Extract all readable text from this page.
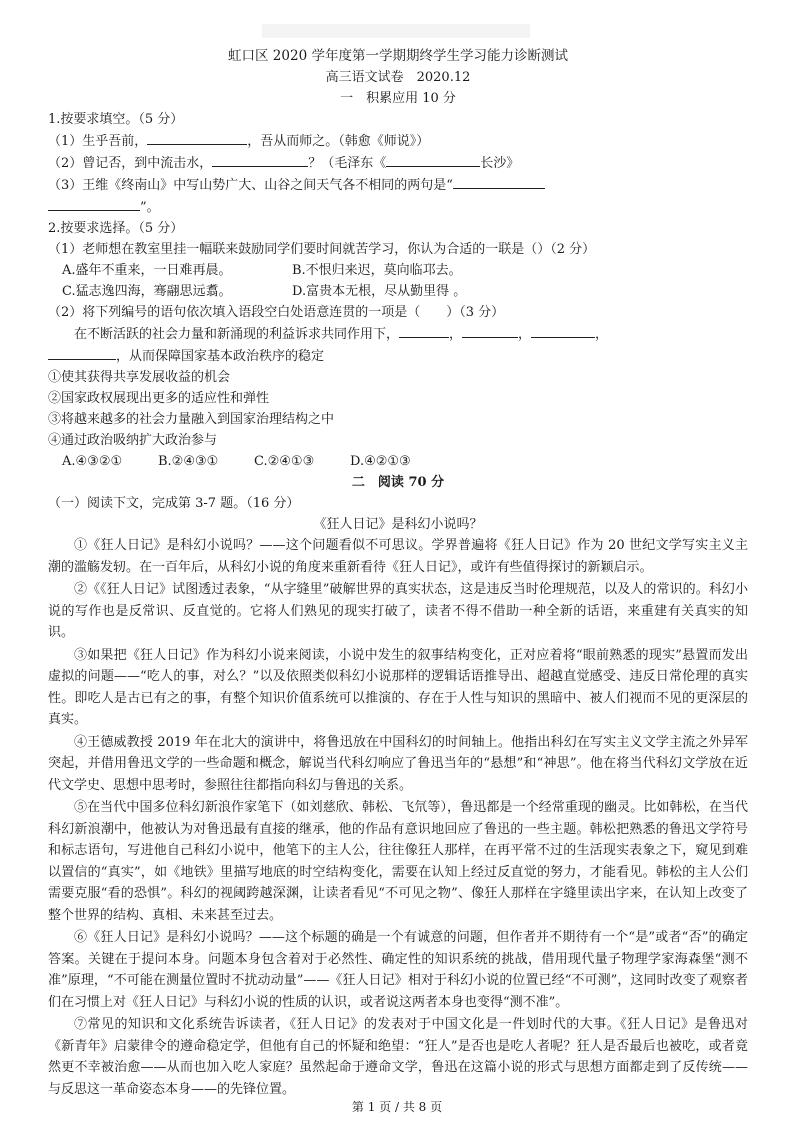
虹口区 2020 学年度第一学期期终学生学习能力诊断测试

高三语文试卷　2020.12

一　积累应用 10 分

1.按要求填空。（5 分）

（1）生乎吾前，	，吾从而师之。（韩愈《师说》）

（2）曾记否，到中流击水，	？（毛泽东《	长沙》

（3）王维《终南山》中写山势广大、山谷之间天气各不相同的两句是“

”。

2.按要求选择。（5 分）

（1）老师想在教室里挂一幅联来鼓励同学们要时间就苦学习，你认为合适的一联是（）（2 分）

A.盛年不重来，一日难再晨。	B.不恨归来迟，莫向临邛去。

C.猛志逸四海，骞翮思远翥。	D.富贵本无根，尽从勤里得 。

（2）将下列编号的语句依次填入语段空白处语意连贯的一项是（　　）（3 分）

在不断活跃的社会力量和新涌现的利益诉求共同作用下，	，	，	，

，从而保障国家基本政治秩序的稳定

①使其获得共享发展收益的机会

②国家政权展现出更多的适应性和弹性

③将越来越多的社会力量融入到国家治理结构之中

④通过政治吸纳扩大政治参与

A.④③②①	B.②④③①	C.②④①③	D.④②①③

二　阅读 70 分

（一）阅读下文，完成第 3-7 题。（16 分）

《狂人日记》是科幻小说吗？

①《狂人日记》是科幻小说吗？——这个问题看似不可思议。学界普遍将《狂人日记》作为 20 世纪文学写实主义主潮的滥觞发轫。在一百年后，从科幻小说的角度来重新看待《狂人日记》，或许有些值得探讨的新颖启示。

②《《狂人日记》试图透过表象，“从字缝里”破解世界的真实状态，这是违反当时伦理规范，以及人的常识的。科幻小说的写作也是反常识、反直觉的。它将人们熟见的现实打破了，读者不得不借助一种全新的话语，来重建有关真实的知识。

③如果把《狂人日记》作为科幻小说来阅读，小说中发生的叙事结构变化，正对应着将“眼前熟悉的现实”悬置而发出虚拟的问题——“吃人的事，对么？”以及依照类似科幻小说那样的逻辑话语推导出、超越直觉感受、违反日常伦理的真实性。即吃人是古已有之的事，有整个知识价值系统可以推演的、存在于人性与知识的黑暗中、被人们视而不见的更深层的真实。

④王德威教授 2019 年在北大的演讲中，将鲁迅放在中国科幻的时间轴上。他指出科幻在写实主义文学主流之外异军突起，并借用鲁迅文学的一些命题和概念，解说当代科幻响应了鲁迅当年的“悬想”和“神思”。他在将当代科幻文学放在近代文学史、思想中思考时，参照往往都指向科幻与鲁迅的关系。

⑤在当代中国多位科幻新浪作家笔下（如刘慈欣、韩松、飞氘等），鲁迅都是一个经常重现的幽灵。比如韩松，在当代科幻新浪潮中，他被认为对鲁迅最有直接的继承，他的作品有意识地回应了鲁迅的一些主题。韩松把熟悉的鲁迅文学符号和标志语句，写进他自己科幻小说中，他笔下的主人公，往往像狂人那样，在再平常不过的生活现实表象之下，窥见到难以置信的“真实”，如《地铁》里描写地底的时空结构变化，需要在认知上经过反直觉的努力，才能看见。韩松的主人公们需要克服“看的恐惧”。科幻的视阈跨越深渊，让读者看见“不可见之物”、像狂人那样在字缝里读出字来，在认知上改变了整个世界的结构、真相、未来甚至过去。

⑥《狂人日记》是科幻小说吗？——这个标题的确是一个有诚意的问题，但作者并不期待有一个“是”或者“否”的确定答案。关键在于提问本身。问题本身包含着对于必然性、确定性的知识系统的挑战，借用现代量子物理学家海森堡“测不准”原理，“不可能在测量位置时不扰动动量”——《狂人日记》相对于科幻小说的位置已经“不可测”，这同时改变了观察者们在习惯上对《狂人日记》与科幻小说的性质的认识，或者说这两者本身也变得“测不准”。

⑦常见的知识和文化系统告诉读者，《狂人日记》的发表对于中国文化是一件划时代的大事。《狂人日记》是鲁迅对《新青年》启蒙律令的遵命稳定学，但他有自己的怀疑和绝望：“狂人”是否也是吃人者呢？狂人是否最后也被吃，或者竟然更不幸被治愈——从而也加入吃人家庭？虽然起命于遵命文学，鲁迅在这篇小说的形式与思想方面都走到了反传统——与反思这一革命姿态本身——的先锋位置。

第 1 页 / 共 8 页
